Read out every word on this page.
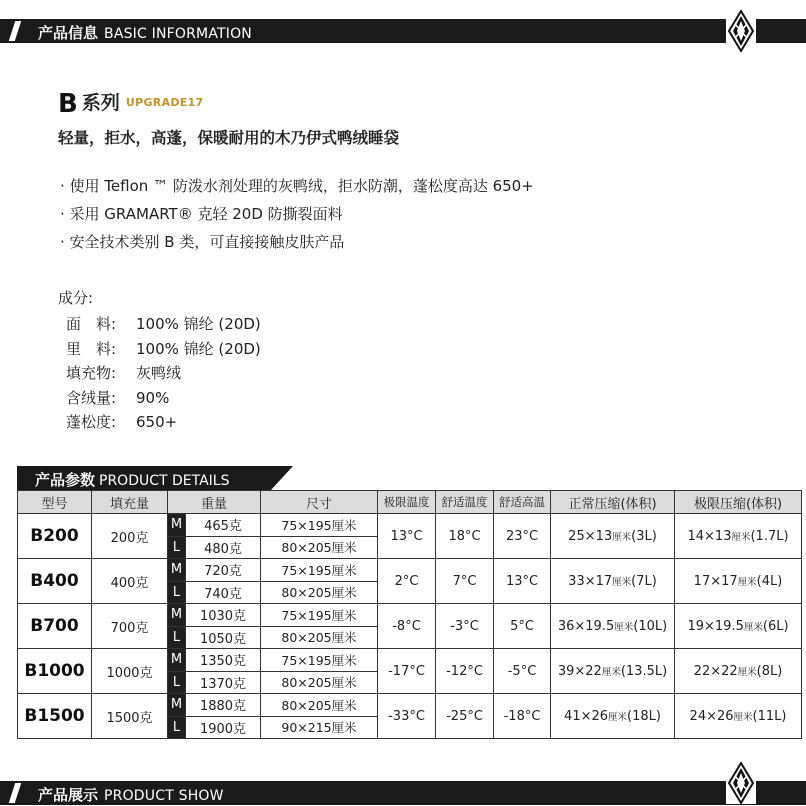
产品信息 BASIC INFORMATION
B 系列 $^{UPGRADE17}$
轻量，拒水，高蓬，保暖耐用的木乃伊式鸭绒睡袋
· 使用 Teflon ™ 防泼水剂处理的灰鸭绒，拒水防潮，蓬松度高达 650+
· 采用 GRAMART® 克轻 20D 防撕裂面料
· 安全技术类别 B 类，可直接接触皮肤产品
成分:
面　料: 100% 锦纶 (20D)
里　料: 100% 锦纶 (20D)
填充物: 灰鸭绒
含绒量: 90%
蓬松度: 650+
产品参数 PRODUCT DETAILS
型号	填充量	重量		尺寸	极限温度	舒适温度	舒适高温	正常压缩(体积)	极限压缩(体积)
B200	200克	M	465克	75×195厘米	13°C	18°C	23°C	25×13厘米(3L)	14×13厘米(1.7L)
		L	480克	80×205厘米					
B400	400克	M	720克	75×195厘米	2°C	7°C	13°C	33×17厘米(7L)	17×17厘米(4L)
		L	740克	80×205厘米					
B700	700克	M	1030克	75×195厘米	-8°C	-3°C	5°C	36×19.5厘米(10L)	19×19.5厘米(6L)
		L	1050克	80×205厘米					
B1000	1000克	M	1350克	75×195厘米	-17°C	-12°C	-5°C	39×22厘米(13.5L)	22×22厘米(8L)
		L	1370克	80×205厘米					
B1500	1500克	M	1880克	80×205厘米	-33°C	-25°C	-18°C	41×26厘米(18L)	24×26厘米(11L)
		L	1900克	90×215厘米					
产品展示 PRODUCT SHOW
